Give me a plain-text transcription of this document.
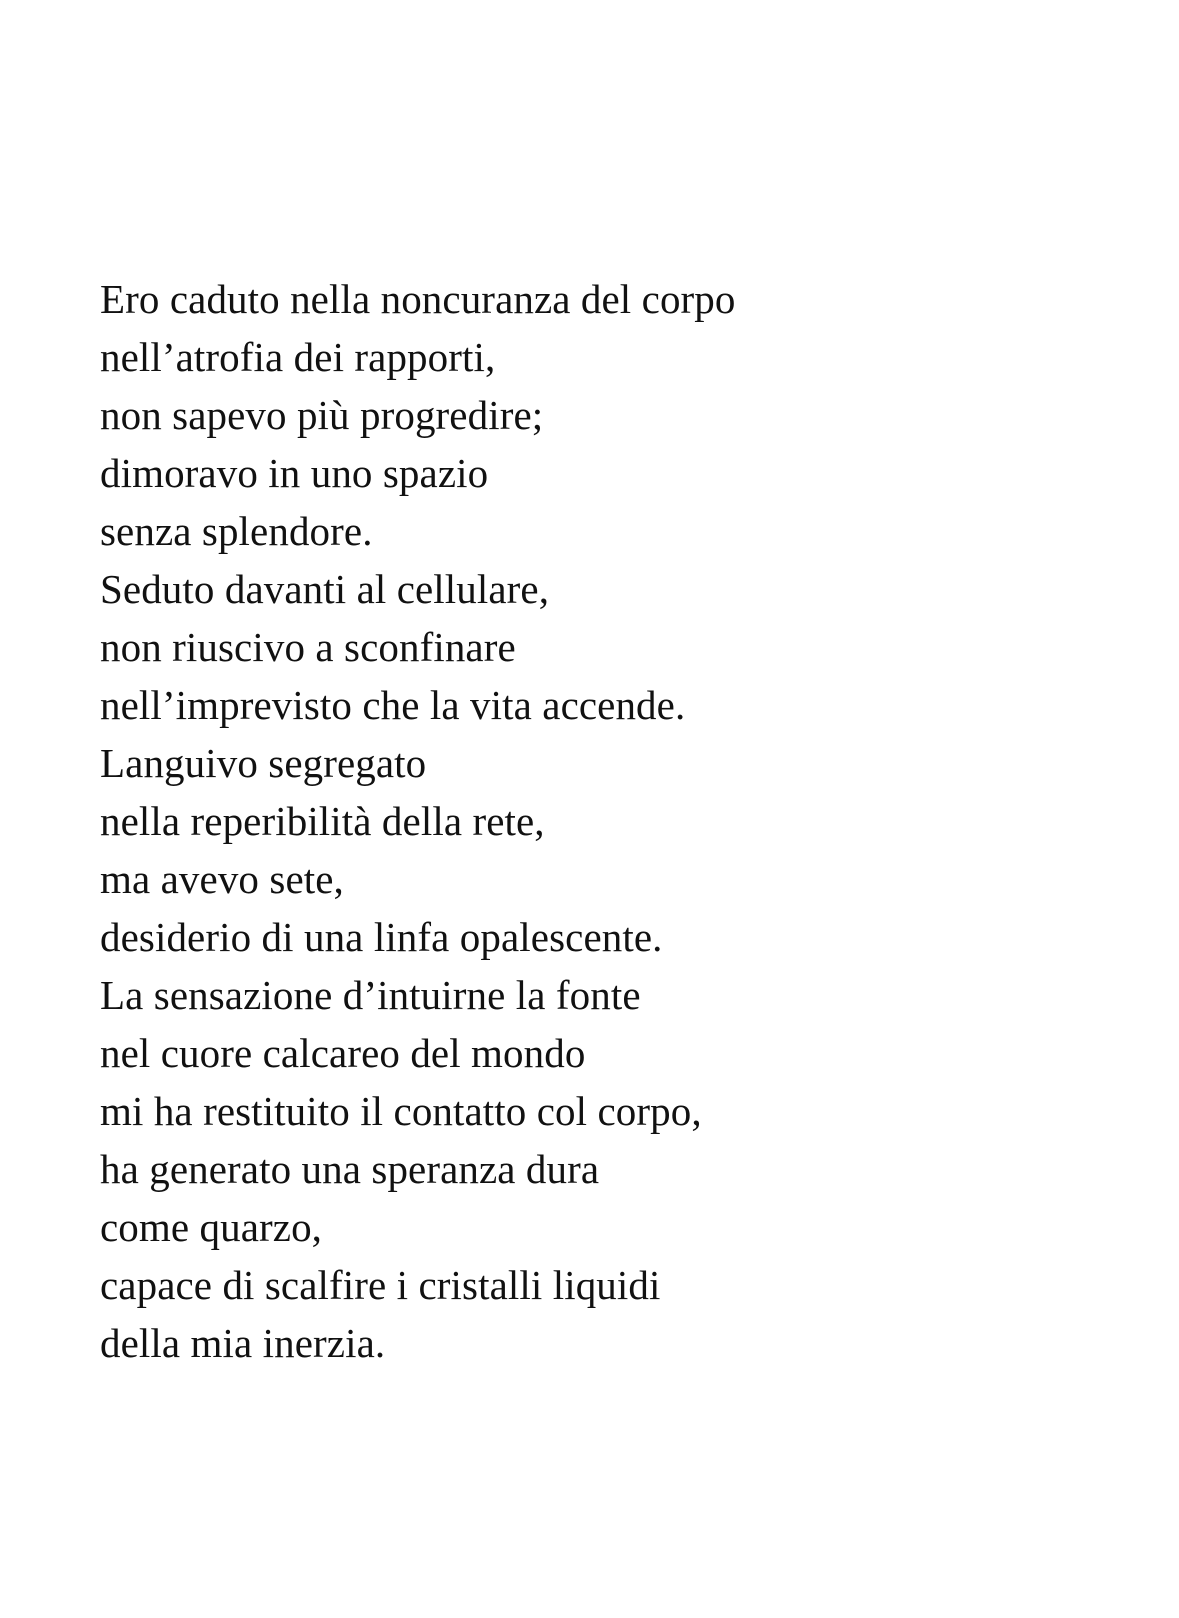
Ero caduto nella noncuranza del corpo
nell’atrofia dei rapporti,
non sapevo più progredire;
dimoravo in uno spazio
senza splendore.
Seduto davanti al cellulare,
non riuscivo a sconfinare
nell’imprevisto che la vita accende.
Languivo segregato
nella reperibilità della rete,
ma avevo sete,
desiderio di una linfa opalescente.
La sensazione d’intuirne la fonte
nel cuore calcareo del mondo
mi ha restituito il contatto col corpo,
ha generato una speranza dura
come quarzo,
capace di scalfire i cristalli liquidi
della mia inerzia.
